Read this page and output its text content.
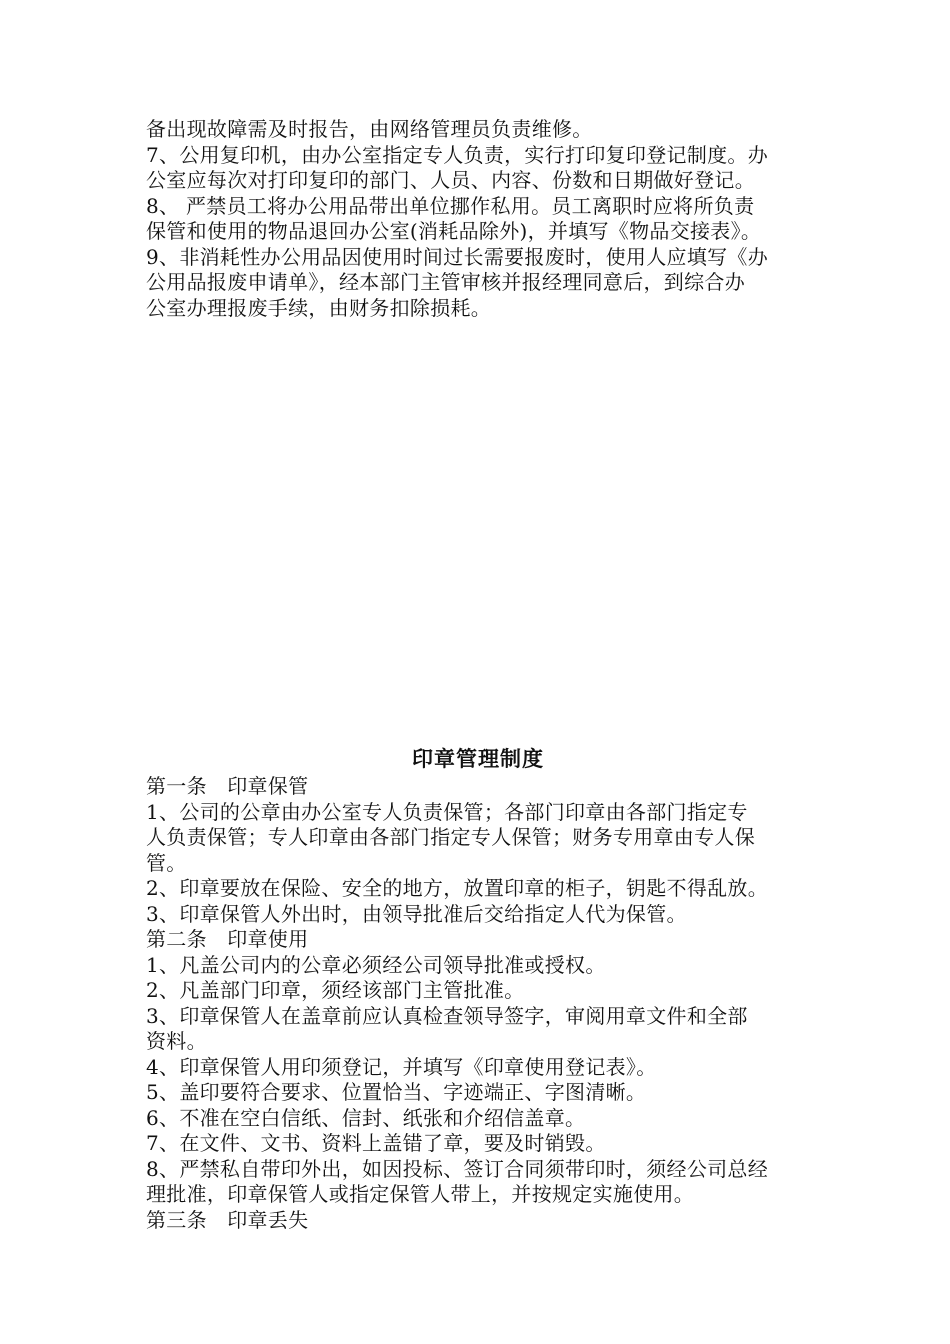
备出现故障需及时报告，由网络管理员负责维修。
7、公用复印机，由办公室指定专人负责，实行打印复印登记制度。办
公室应每次对打印复印的部门、人员、内容、份数和日期做好登记。
8、 严禁员工将办公用品带出单位挪作私用。员工离职时应将所负责
保管和使用的物品退回办公室(消耗品除外)，并填写《物品交接表》。
9、非消耗性办公用品因使用时间过长需要报废时，使用人应填写《办
公用品报废申请单》，经本部门主管审核并报经理同意后，到综合办
公室办理报废手续，由财务扣除损耗。
印章管理制度
第一条　印章保管
1、公司的公章由办公室专人负责保管；各部门印章由各部门指定专
人负责保管；专人印章由各部门指定专人保管；财务专用章由专人保
管。
2、印章要放在保险、安全的地方，放置印章的柜子，钥匙不得乱放。
3、印章保管人外出时，由领导批准后交给指定人代为保管。
第二条　印章使用
1、凡盖公司内的公章必须经公司领导批准或授权。
2、凡盖部门印章，须经该部门主管批准。
3、印章保管人在盖章前应认真检查领导签字，审阅用章文件和全部
资料。
4、印章保管人用印须登记，并填写《印章使用登记表》。
5、盖印要符合要求、位置恰当、字迹端正、字图清晰。
6、不准在空白信纸、信封、纸张和介绍信盖章。
7、在文件、文书、资料上盖错了章，要及时销毁。
8、严禁私自带印外出，如因投标、签订合同须带印时，须经公司总经
理批准，印章保管人或指定保管人带上，并按规定实施使用。
第三条　印章丢失
